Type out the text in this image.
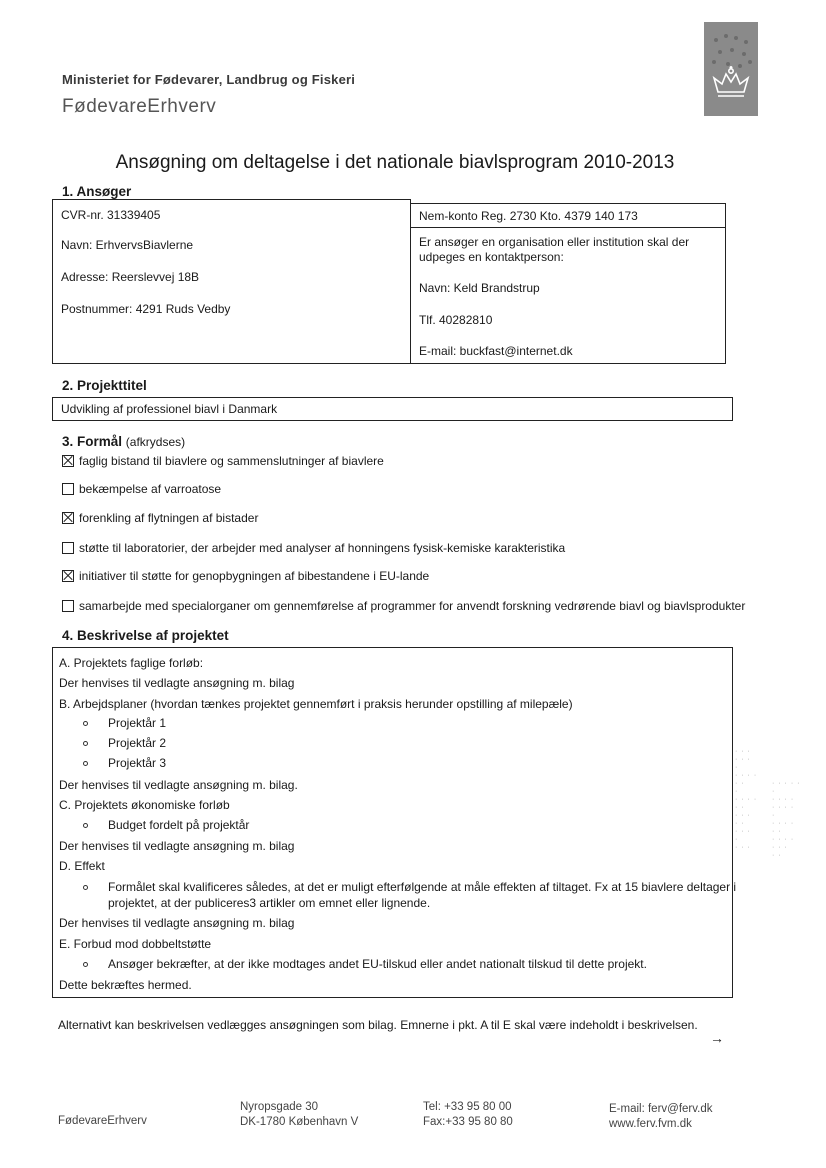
Ministeriet for Fødevarer, Landbrug og Fiskeri
FødevareErhverv
Ansøgning om deltagelse i det nationale biavlsprogram 2010-2013
1. Ansøger
CVR-nr. 31339405
Navn: ErhvervsBiavlerne
Adresse: Reerslevvej 18B
Postnummer: 4291 Ruds Vedby
Nem-konto Reg. 2730 Kto. 4379 140 173
Er ansøger en organisation eller institution skal der
udpeges en kontaktperson:
Navn: Keld Brandstrup
Tlf. 40282810
E-mail: buckfast@internet.dk
2. Projekttitel
Udvikling af professionel biavl i Danmark
3. Formål (afkrydses)
faglig bistand til biavlere og sammenslutninger af biavlere
bekæmpelse af varroatose
forenkling af flytningen af bistader
støtte til laboratorier, der arbejder med analyser af honningens fysisk-kemiske karakteristika
initiativer til støtte for genopbygningen af bibestandene i EU-lande
samarbejde med specialorganer om gennemførelse af programmer for anvendt forskning vedrørende biavl og biavlsprodukter
4. Beskrivelse af projektet
A. Projektets faglige forløb:
Der henvises til vedlagte ansøgning m. bilag
B. Arbejdsplaner (hvordan tænkes projektet gennemført i praksis herunder opstilling af milepæle)
Projektår 1
Projektår 2
Projektår 3
Der henvises til vedlagte ansøgning m. bilag.
C. Projektets økonomiske forløb
Budget fordelt på projektår
Der henvises til vedlagte ansøgning m. bilag
D. Effekt
Formålet skal kvalificeres således, at det er muligt efterfølgende at måle effekten af tiltaget. Fx at 15 biavlere deltager i
projektet, at der publiceres3 artikler om emnet eller lignende.
Der henvises til vedlagte ansøgning m. bilag
E. Forbud mod dobbeltstøtte
Ansøger bekræfter, at der ikke modtages andet EU-tilskud eller andet nationalt tilskud til dette projekt.
Dette bekræftes hermed.
Alternativt kan beskrivelsen vedlægges ansøgningen som bilag. Emnerne i pkt. A til E skal være indeholdt i beskrivelsen.
→
· · ·
· · ·
·
· · · ·
· ·
·
· · · ·
· ·
· · ·
· ·
· · ·
·
· · ·
· · · · ·
·
· · · ·
· · · ·
·
· · · ·
· ·
· · · ·
· · ·
· ·
FødevareErhverv
Nyropsgade 30
DK-1780 København V
Tel: +33 95 80 00
Fax:+33 95 80 80
E-mail: ferv@ferv.dk
www.ferv.fvm.dk
